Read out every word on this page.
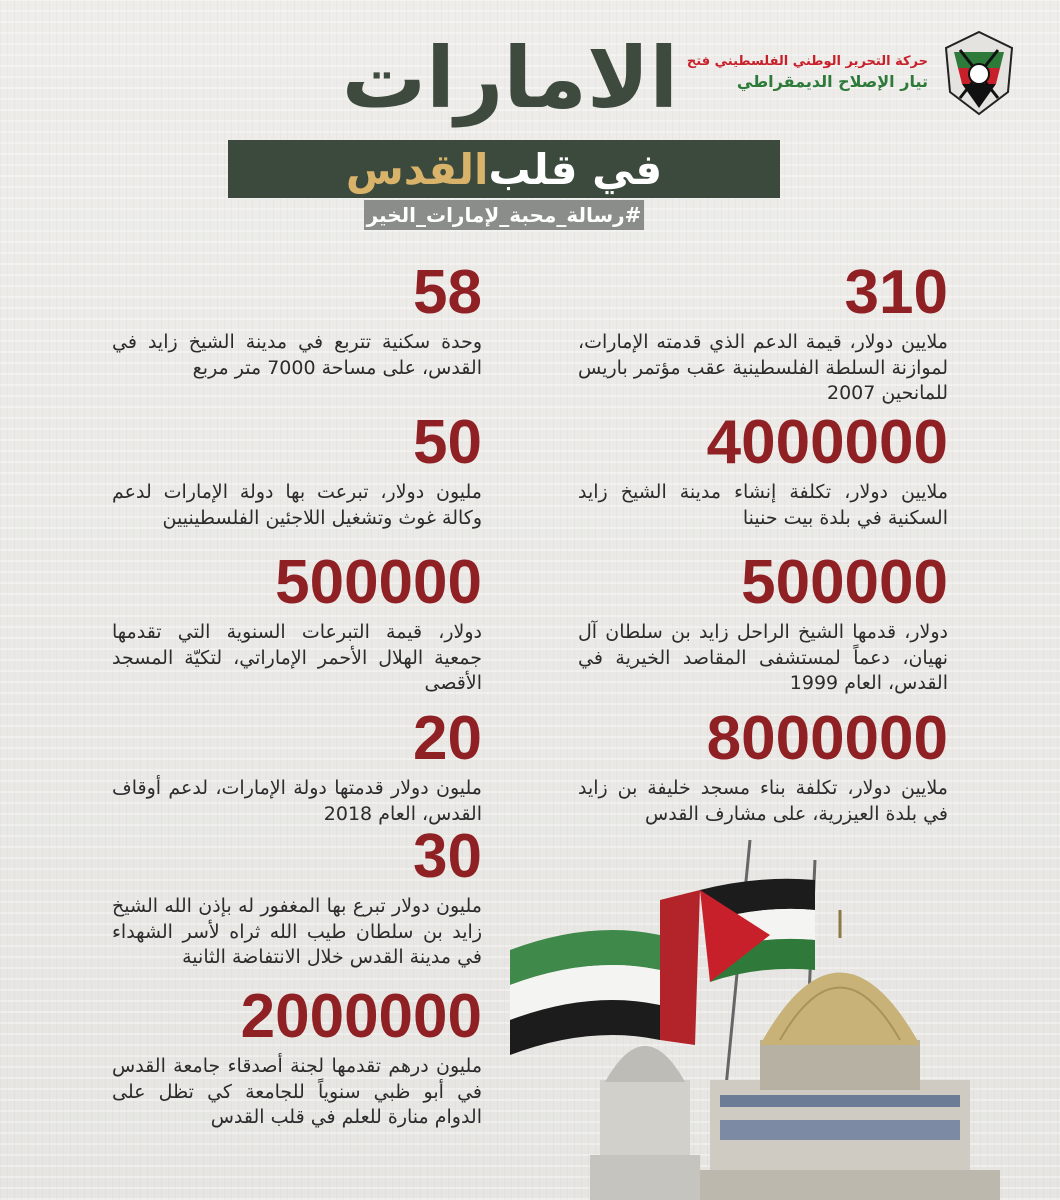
حركة التحرير الوطني الفلسطيني فتح
تيار الإصلاح الديمقراطي
الامارات
في قلب
القدس
#رسالة_محبة_لإمارات_الخير
310
ملايين دولار، قيمة الدعم الذي قدمته الإمارات، لموازنة السلطة الفلسطينية عقب مؤتمر باريس للمانحين 2007
4000000
ملايين دولار، تكلفة إنشاء مدينة الشيخ زايد السكنية في بلدة بيت حنينا
500000
دولار، قدمها الشيخ الراحل زايد بن سلطان آل نهيان، دعماً لمستشفى المقاصد الخيرية في القدس، العام 1999
8000000
ملايين دولار، تكلفة بناء مسجد خليفة بن زايد في بلدة العيزرية، على مشارف القدس
58
وحدة سكنية تتربع في مدينة الشيخ زايد في القدس، على مساحة 7000 متر مربع
50
مليون دولار، تبرعت بها دولة الإمارات لدعم وكالة غوث وتشغيل اللاجئين الفلسطينيين
500000
دولار، قيمة التبرعات السنوية التي تقدمها جمعية الهلال الأحمر الإماراتي، لتكيّة المسجد الأقصى
20
مليون دولار قدمتها دولة الإمارات، لدعم أوقاف القدس، العام 2018
30
مليون دولار تبرع بها المغفور له بإذن الله الشيخ زايد بن سلطان طيب الله ثراه لأسر الشهداء في مدينة القدس خلال الانتفاضة الثانية
2000000
مليون درهم تقدمها لجنة أصدقاء جامعة القدس في أبو ظبي سنوياً للجامعة كي تظل على الدوام منارة للعلم في قلب القدس
